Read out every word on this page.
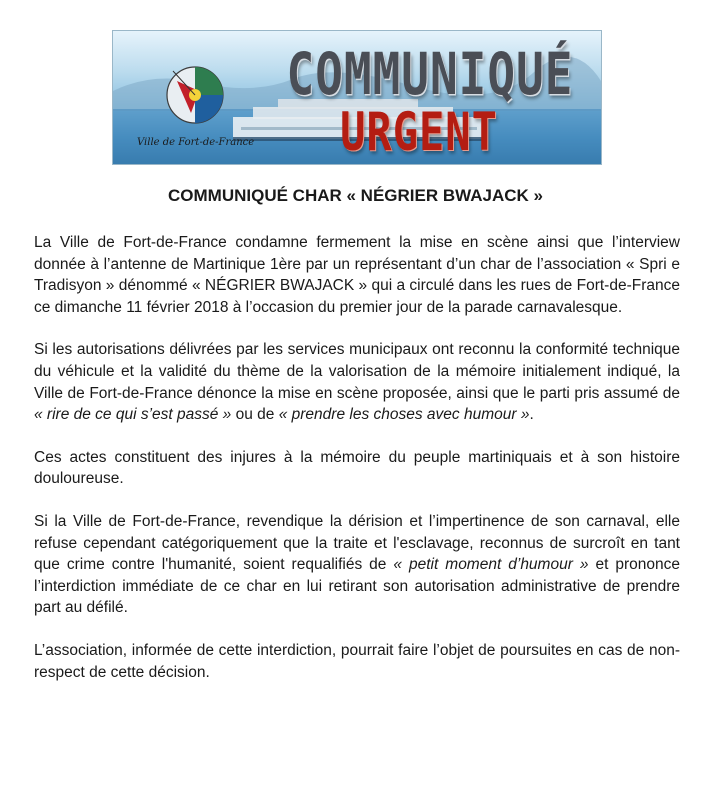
COMMUNIQUÉ
URGENT
Ville de Fort-de-France
COMMUNIQUÉ CHAR « NÉGRIER BWAJACK »

La Ville de Fort-de-France condamne fermement la mise en scène ainsi que l’interview donnée à l’antenne de Martinique 1ère par un représentant d’un char de l’association « Spri e Tradisyon » dénommé « NÉGRIER BWAJACK » qui a circulé dans les rues de Fort-de-France ce dimanche 11 février 2018 à l’occasion du premier jour de la parade carnavalesque.

Si les autorisations délivrées par les services municipaux ont reconnu la conformité technique du véhicule et la validité du thème de la valorisation de la mémoire initialement indiqué, la Ville de Fort-de-France dénonce la mise en scène proposée, ainsi que le parti pris assumé de « rire de ce qui s’est passé » ou de « prendre les choses avec humour ».

Ces actes constituent des injures à la mémoire du peuple martiniquais et à son histoire douloureuse.

Si la Ville de Fort-de-France, revendique la dérision et l’impertinence de son carnaval, elle refuse cependant catégoriquement que la traite et l'esclavage, reconnus de surcroît en tant que crime contre l'humanité, soient requalifiés de « petit moment d’humour » et prononce l’interdiction immédiate de ce char en lui retirant son autorisation administrative de prendre part au défilé.

L’association, informée de cette interdiction, pourrait faire l’objet de poursuites en cas de non-respect de cette décision.
